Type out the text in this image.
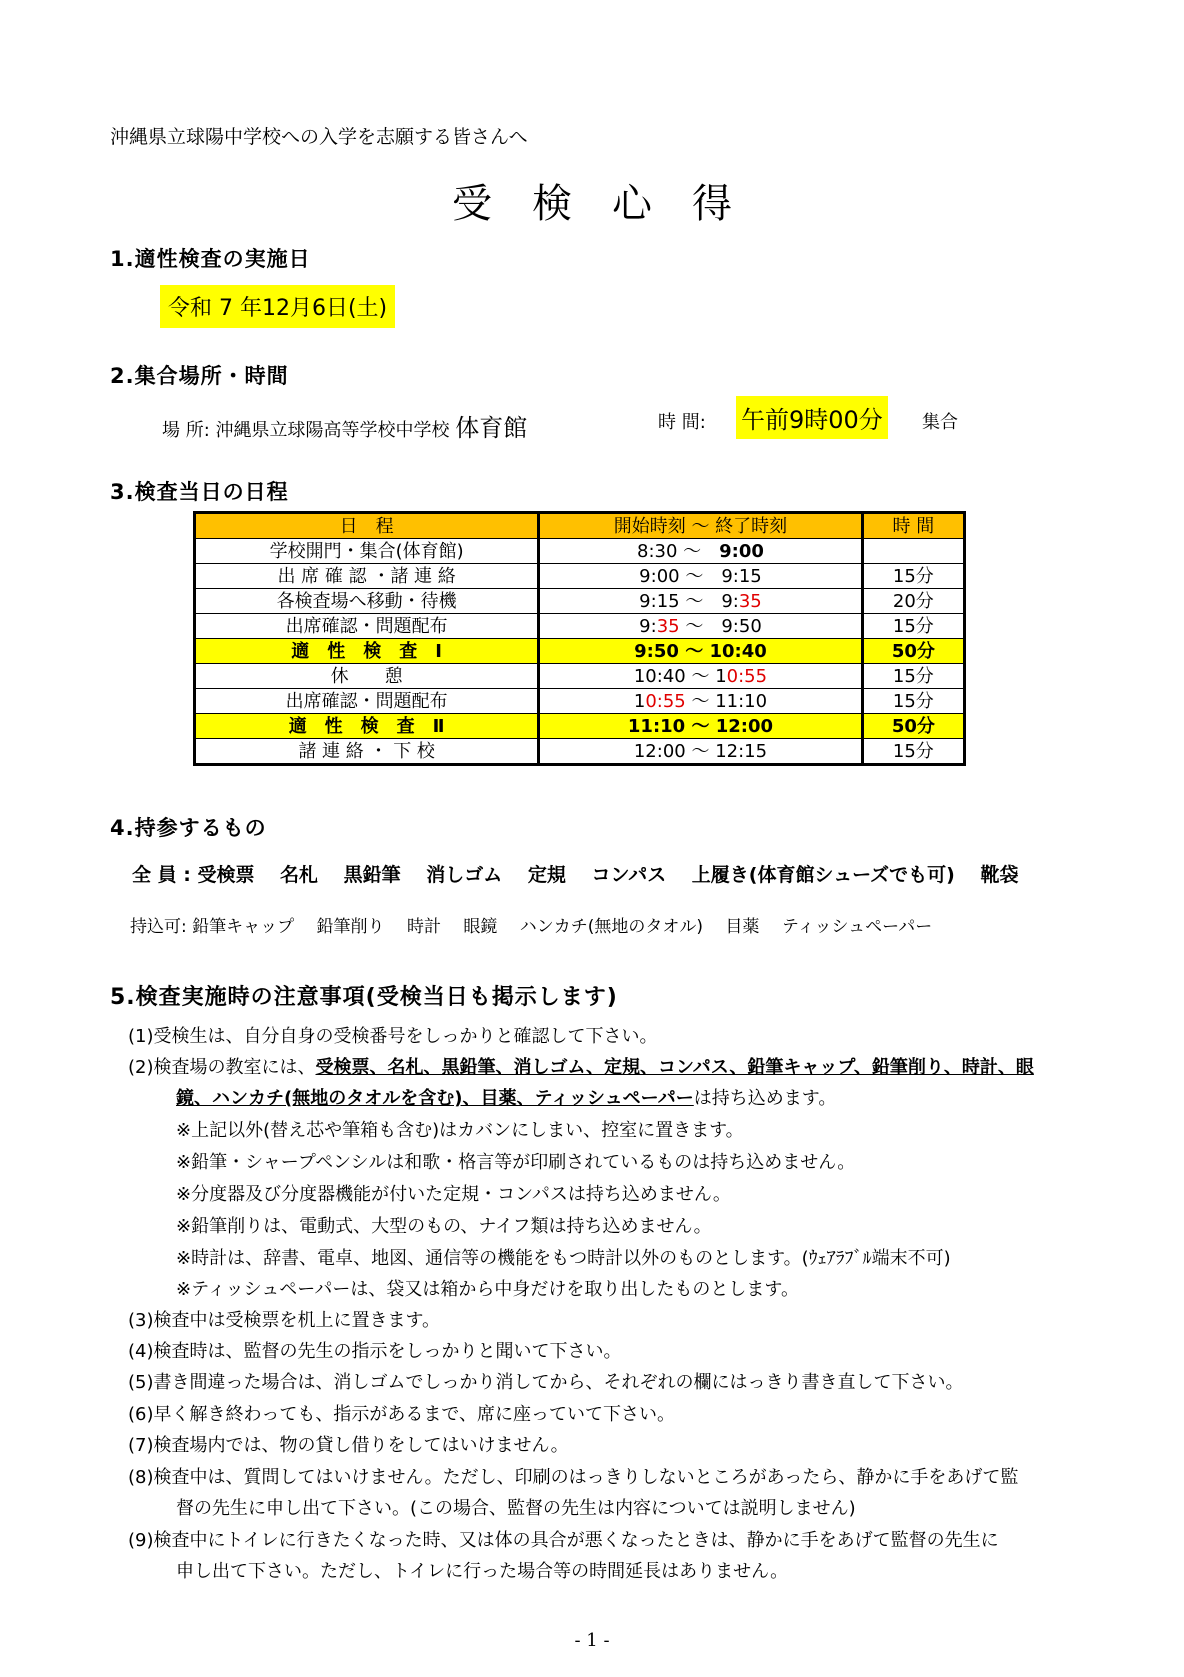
沖縄県立球陽中学校への入学を志願する皆さんへ
受検心得
1.適性検査の実施日
令和 7 年12月6日(土)
2.集合場所・時間
場 所: 沖縄県立球陽高等学校中学校 体育館	時 間: 午前9時00分 集合
3.検査当日の日程
日　程	開始時刻 ～ 終了時刻	時 間
学校開門・集合(体育館)	8:30 ～　 9:00	
出 席 確 認 ・諸 連 絡	9:00 ～　 9:15	15分
各検査場へ移動・待機	9:15 ～　 9:35	20分
出席確認・問題配布	9:35 ～　 9:50	15分
適　性　検　査　Ⅰ	9:50 ～ 10:40	50分
休　　憩	10:40 ～ 10:55	15分
出席確認・問題配布	10:55 ～ 11:10	15分
適　性　検　査　Ⅱ	11:10 ～ 12:00	50分
諸 連 絡 ・ 下 校	12:00 ～ 12:15	15分
4.持参するもの
全 員 : 受検票　 名札　 黒鉛筆　 消しゴム　 定規　 コンパス　 上履き(体育館シューズでも可)　 靴袋
持込可: 鉛筆キャップ　 鉛筆削り　 時計　 眼鏡　 ハンカチ(無地のタオル)　 目薬　 ティッシュペーパー
5.検査実施時の注意事項(受検当日も掲示します)
(1)受検生は、自分自身の受検番号をしっかりと確認して下さい。
(2)検査場の教室には、受検票、名札、黒鉛筆、消しゴム、定規、コンパス、鉛筆キャップ、鉛筆削り、時計、眼
鏡、ハンカチ(無地のタオルを含む)、目薬、ティッシュペーパーは持ち込めます。
※上記以外(替え芯や筆箱も含む)はカバンにしまい、控室に置きます。
※鉛筆・シャープペンシルは和歌・格言等が印刷されているものは持ち込めません。
※分度器及び分度器機能が付いた定規・コンパスは持ち込めません。
※鉛筆削りは、電動式、大型のもの、ナイフ類は持ち込めません。
※時計は、辞書、電卓、地図、通信等の機能をもつ時計以外のものとします。(ｳｪｱﾗﾌﾞﾙ端末不可)
※ティッシュペーパーは、袋又は箱から中身だけを取り出したものとします。
(3)検査中は受検票を机上に置きます。
(4)検査時は、監督の先生の指示をしっかりと聞いて下さい。
(5)書き間違った場合は、消しゴムでしっかり消してから、それぞれの欄にはっきり書き直して下さい。
(6)早く解き終わっても、指示があるまで、席に座っていて下さい。
(7)検査場内では、物の貸し借りをしてはいけません。
(8)検査中は、質問してはいけません。ただし、印刷のはっきりしないところがあったら、静かに手をあげて監
督の先生に申し出て下さい。(この場合、監督の先生は内容については説明しません)
(9)検査中にトイレに行きたくなった時、又は体の具合が悪くなったときは、静かに手をあげて監督の先生に
申し出て下さい。ただし、トイレに行った場合等の時間延長はありません。
- 1 -
